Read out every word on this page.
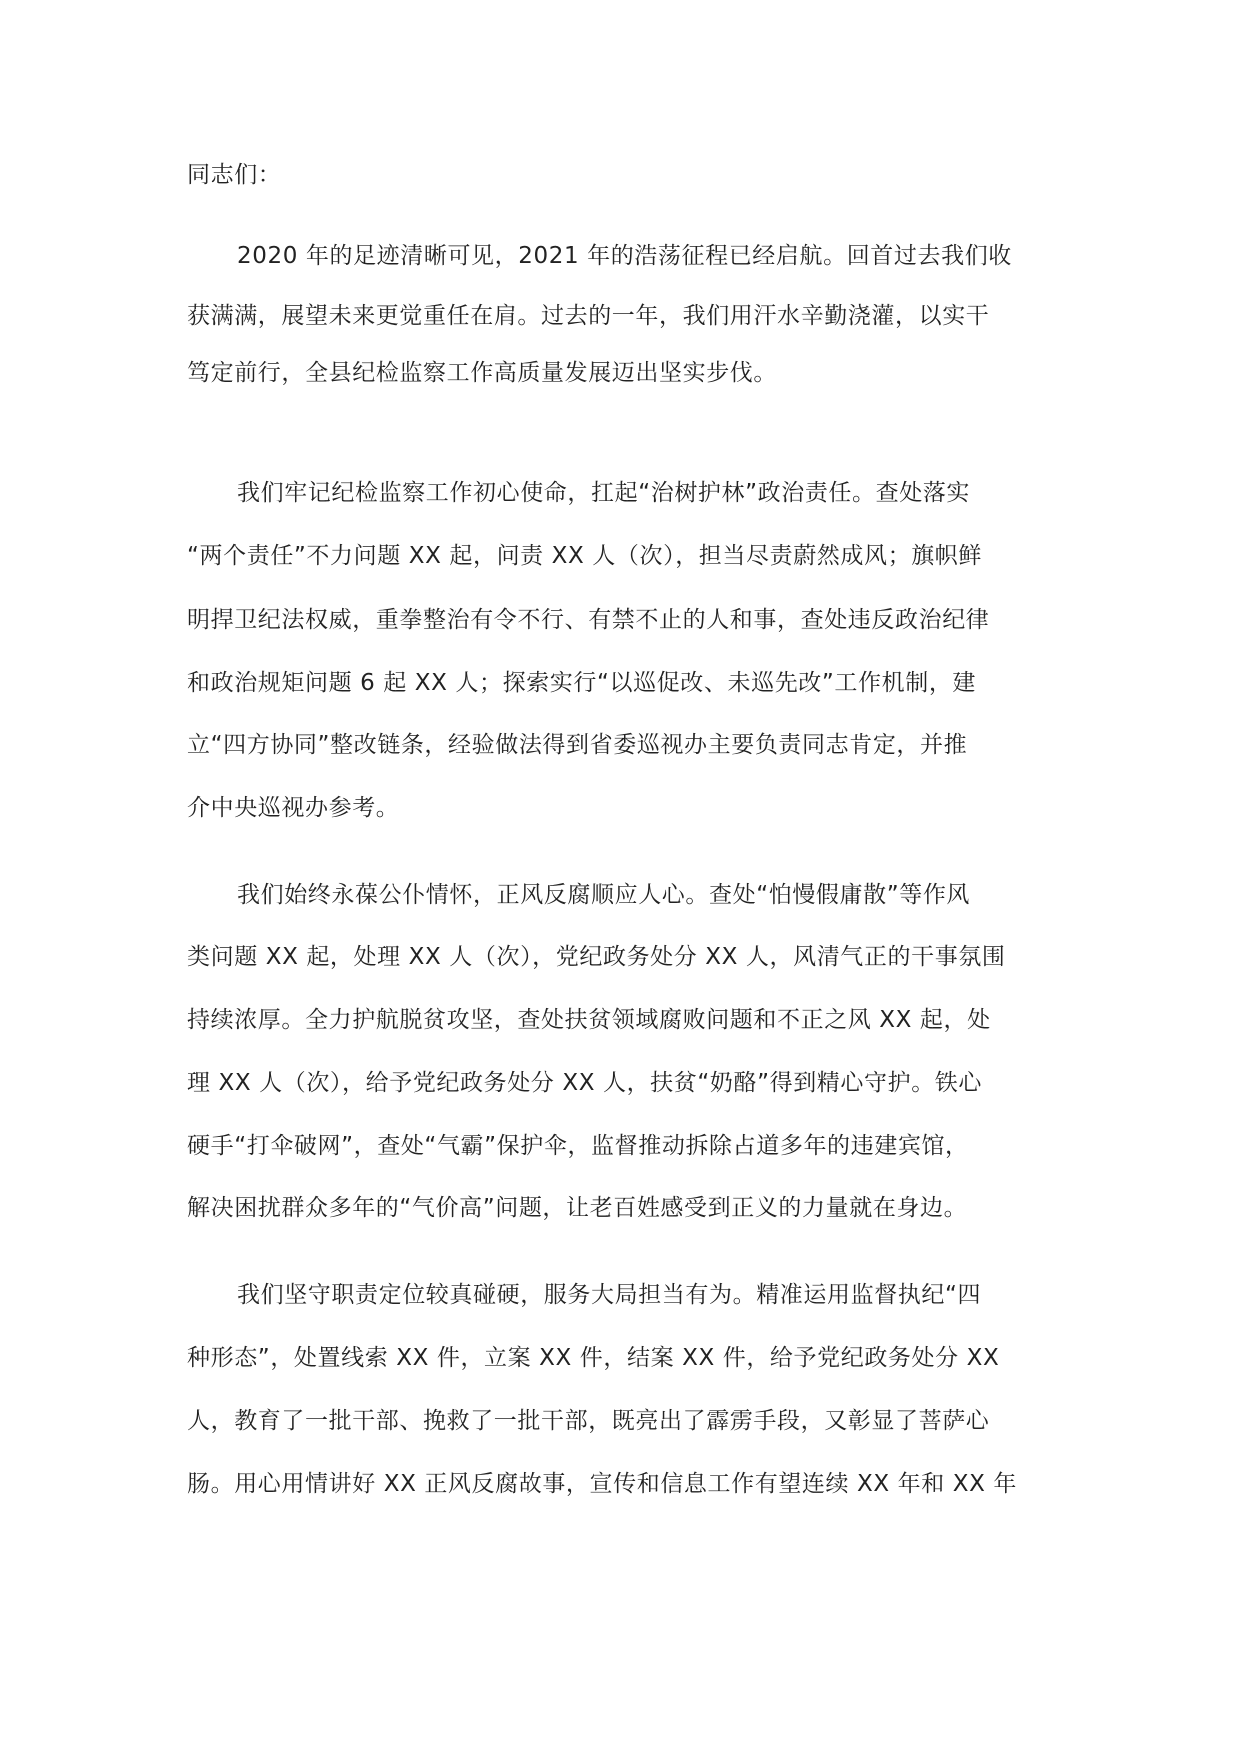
同志们：
2020 年的足迹清晰可见，2021 年的浩荡征程已经启航。回首过去我们收
获满满，展望未来更觉重任在肩。过去的一年，我们用汗水辛勤浇灌，以实干
笃定前行，全县纪检监察工作高质量发展迈出坚实步伐。
我们牢记纪检监察工作初心使命，扛起“治树护林”政治责任。查处落实
“两个责任”不力问题 XX 起，问责 XX 人（次），担当尽责蔚然成风；旗帜鲜
明捍卫纪法权威，重拳整治有令不行、有禁不止的人和事，查处违反政治纪律
和政治规矩问题 6 起 XX 人；探索实行“以巡促改、未巡先改”工作机制，建
立“四方协同”整改链条，经验做法得到省委巡视办主要负责同志肯定，并推
介中央巡视办参考。
我们始终永葆公仆情怀，正风反腐顺应人心。查处“怕慢假庸散”等作风
类问题 XX 起，处理 XX 人（次），党纪政务处分 XX 人，风清气正的干事氛围
持续浓厚。全力护航脱贫攻坚，查处扶贫领域腐败问题和不正之风 XX 起，处
理 XX 人（次），给予党纪政务处分 XX 人，扶贫“奶酪”得到精心守护。铁心
硬手“打伞破网”，查处“气霸”保护伞，监督推动拆除占道多年的违建宾馆，
解决困扰群众多年的“气价高”问题，让老百姓感受到正义的力量就在身边。
我们坚守职责定位较真碰硬，服务大局担当有为。精准运用监督执纪“四
种形态”，处置线索 XX 件，立案 XX 件，结案 XX 件，给予党纪政务处分 XX
人，教育了一批干部、挽救了一批干部，既亮出了霹雳手段，又彰显了菩萨心
肠。用心用情讲好 XX 正风反腐故事，宣传和信息工作有望连续 XX 年和 XX 年
